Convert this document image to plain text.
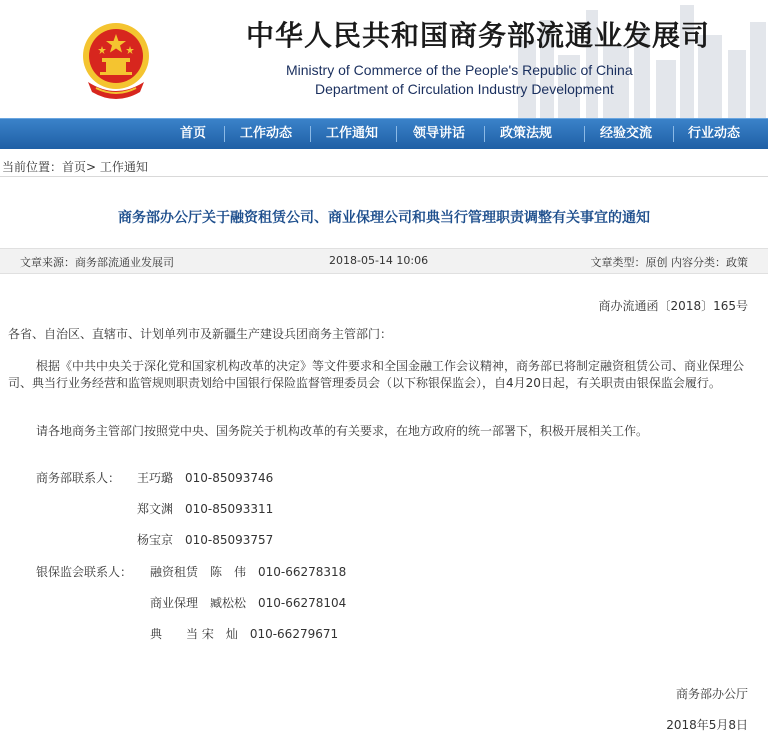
中华人民共和国商务部流通业发展司
Ministry of Commerce of the People's Republic of China
Department of Circulation Industry Development
首页	工作动态	工作通知	领导讲话	政策法规	经验交流	行业动态
当前位置：首页> 工作通知
商务部办公厅关于融资租赁公司、商业保理公司和典当行管理职责调整有关事宜的通知
文章来源：商务部流通业发展司	2018-05-14 10:06	文章类型：原创 内容分类：政策
商办流通函〔2018〕165号
各省、自治区、直辖市、计划单列市及新疆生产建设兵团商务主管部门：
根据《中共中央关于深化党和国家机构改革的决定》等文件要求和全国金融工作会议精神，商务部已将制定融资租赁公司、商业保理公司、典当行业务经营和监管规则职责划给中国银行保险监督管理委员会（以下称银保监会），自4月20日起，有关职责由银保监会履行。
请各地商务主管部门按照党中央、国务院关于机构改革的有关要求，在地方政府的统一部署下，积极开展相关工作。
商务部联系人： 王巧璐　010-85093746
郑文渊　010-85093311
杨宝京　010-85093757
银保监会联系人： 融资租赁　陈　伟　010-66278318
商业保理　臧松松　010-66278104
典　　当 宋　灿　010-66279671
商务部办公厅
2018年5月8日
